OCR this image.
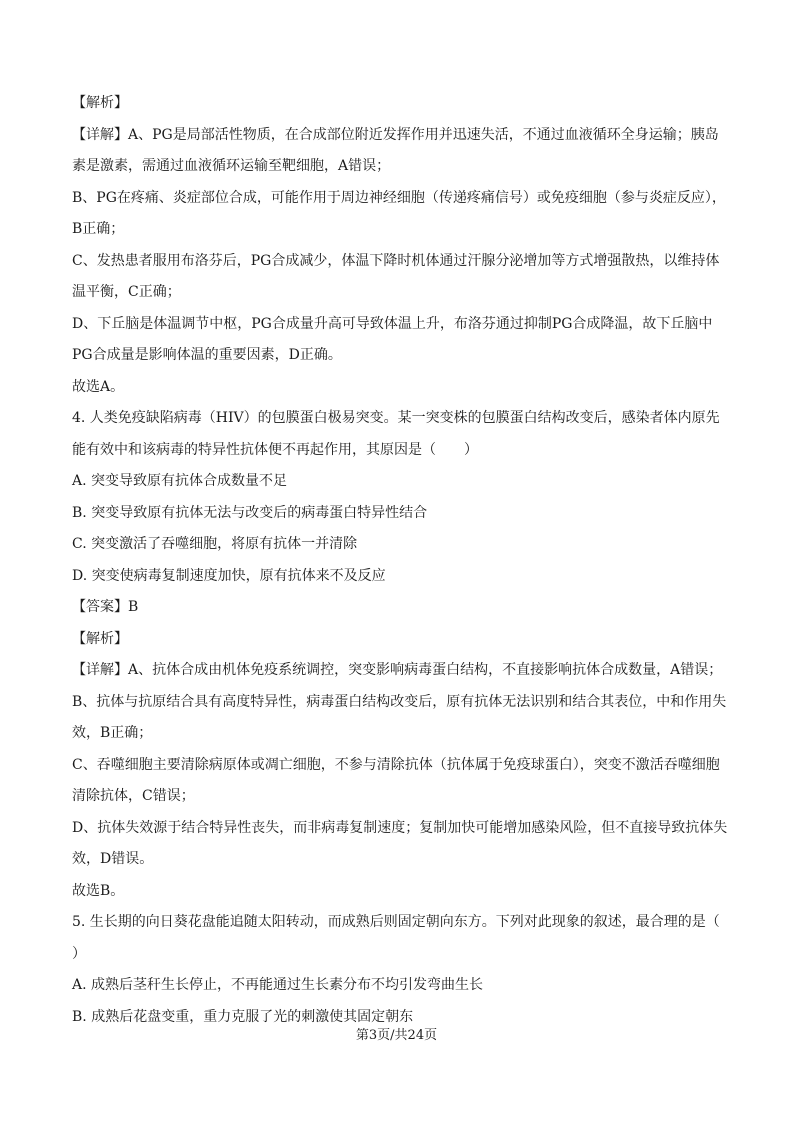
【解析】
【详解】A、PG是局部活性物质，在合成部位附近发挥作用并迅速失活，不通过血液循环全身运输；胰岛
素是激素，需通过血液循环运输至靶细胞，A错误；
B、PG在疼痛、炎症部位合成，可能作用于周边神经细胞（传递疼痛信号）或免疫细胞（参与炎症反应），
B正确；
C、发热患者服用布洛芬后，PG合成减少，体温下降时机体通过汗腺分泌增加等方式增强散热，以维持体
温平衡，C正确；
D、下丘脑是体温调节中枢，PG合成量升高可导致体温上升，布洛芬通过抑制PG合成降温，故下丘脑中
PG合成量是影响体温的重要因素，D正确。
故选A。
4. 人类免疫缺陷病毒（HIV）的包膜蛋白极易突变。某一突变株的包膜蛋白结构改变后，感染者体内原先
能有效中和该病毒的特异性抗体便不再起作用，其原因是（　　）
A. 突变导致原有抗体合成数量不足
B. 突变导致原有抗体无法与改变后的病毒蛋白特异性结合
C. 突变激活了吞噬细胞，将原有抗体一并清除
D. 突变使病毒复制速度加快，原有抗体来不及反应
【答案】B
【解析】
【详解】A、抗体合成由机体免疫系统调控，突变影响病毒蛋白结构，不直接影响抗体合成数量，A错误；
B、抗体与抗原结合具有高度特异性，病毒蛋白结构改变后，原有抗体无法识别和结合其表位，中和作用失
效，B正确；
C、吞噬细胞主要清除病原体或凋亡细胞，不参与清除抗体（抗体属于免疫球蛋白），突变不激活吞噬细胞
清除抗体，C错误；
D、抗体失效源于结合特异性丧失，而非病毒复制速度；复制加快可能增加感染风险，但不直接导致抗体失
效，D错误。
故选B。
5. 生长期的向日葵花盘能追随太阳转动，而成熟后则固定朝向东方。下列对此现象的叙述，最合理的是（
）
A. 成熟后茎秆生长停止，不再能通过生长素分布不均引发弯曲生长
B. 成熟后花盘变重，重力克服了光的刺激使其固定朝东
第3页/共24页
